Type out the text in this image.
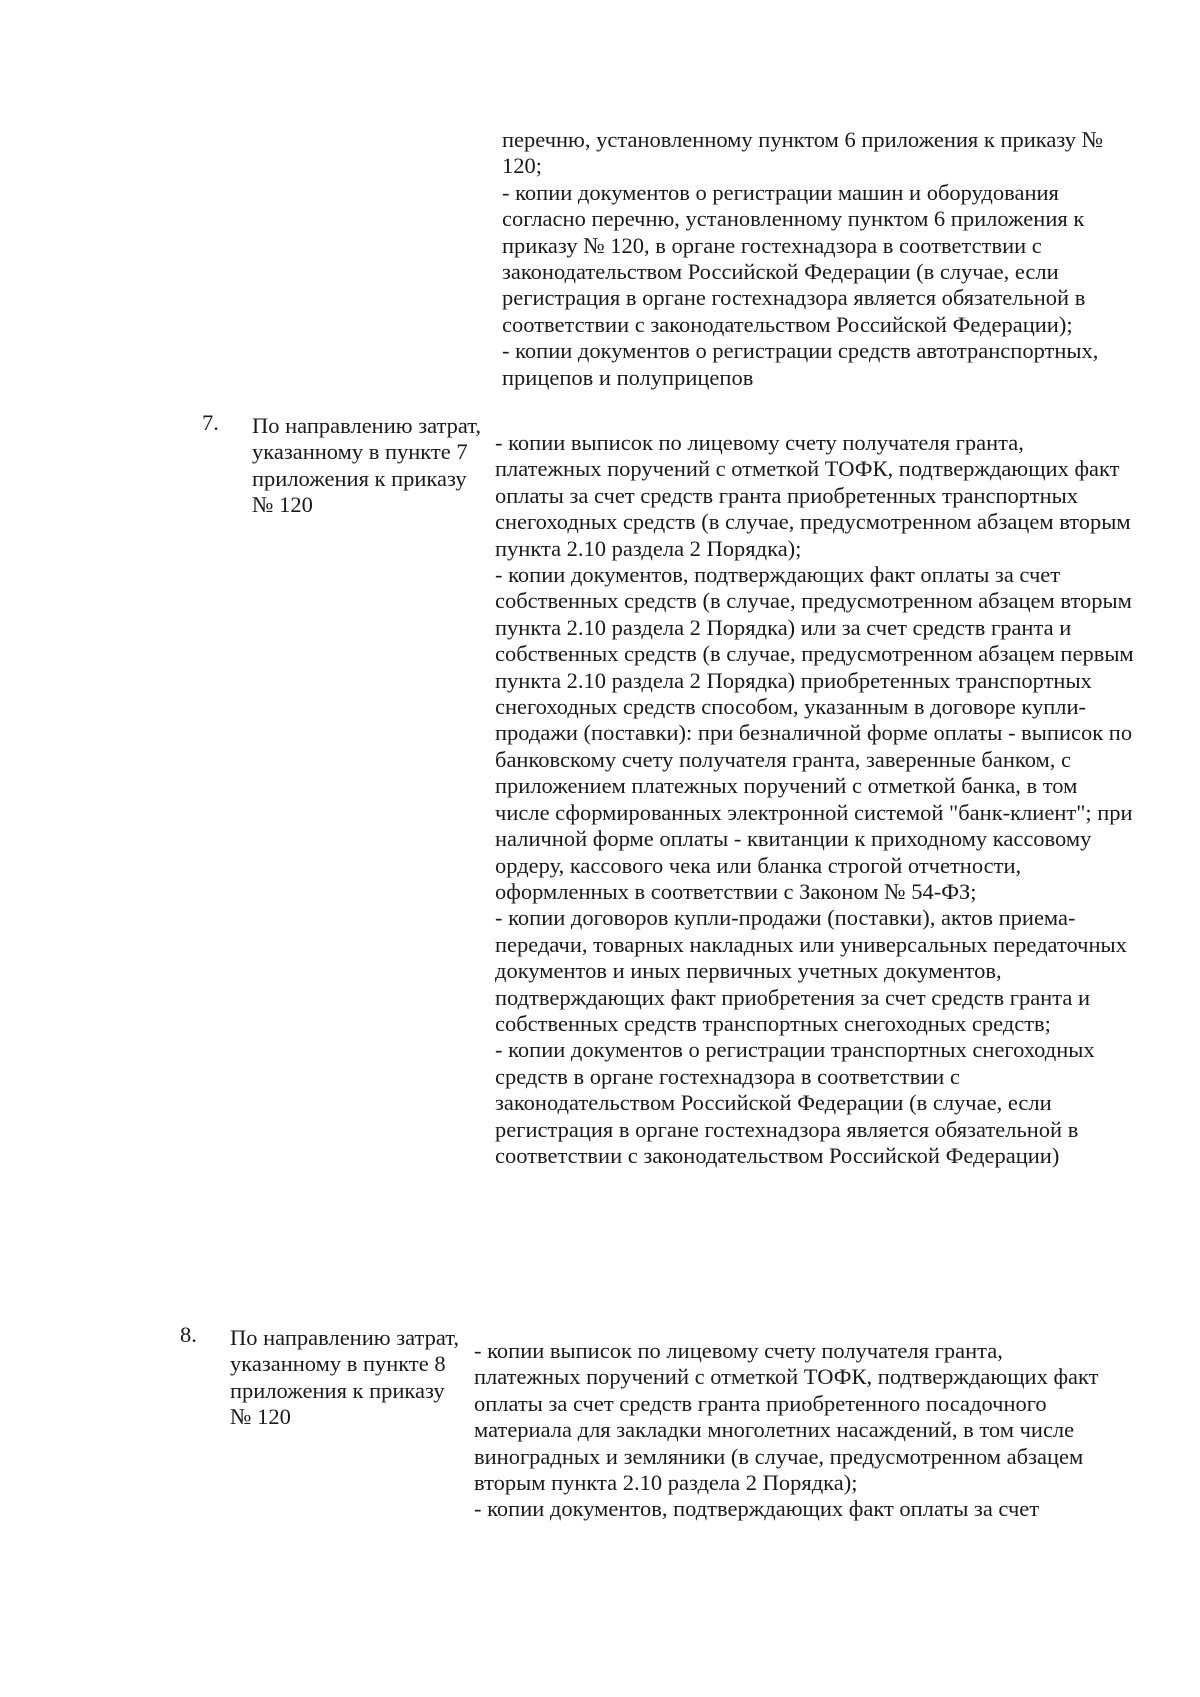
перечню, установленному пунктом 6 приложения к приказу № 120;

- копии документов о регистрации машин и оборудования согласно перечню, установленному пунктом 6 приложения к приказу № 120, в органе гостехнадзора в соответствии с законодательством Российской Федерации (в случае, если регистрация в органе гостехнадзора является обязательной в соответствии с законодательством Российской Федерации);

- копии документов о регистрации средств автотранспортных, прицепов и полуприцепов

7. По направлению затрат, указанному в пункте 7 приложения к приказу № 120

- копии выписок по лицевому счету получателя гранта, платежных поручений с отметкой ТОФК, подтверждающих факт оплаты за счет средств гранта приобретенных транспортных снегоходных средств (в случае, предусмотренном абзацем вторым пункта 2.10 раздела 2 Порядка);

- копии документов, подтверждающих факт оплаты за счет собственных средств (в случае, предусмотренном абзацем вторым пункта 2.10 раздела 2 Порядка) или за счет средств гранта и собственных средств (в случае, предусмотренном абзацем первым пункта 2.10 раздела 2 Порядка) приобретенных транспортных снегоходных средств способом, указанным в договоре купли-продажи (поставки): при безналичной форме оплаты - выписок по банковскому счету получателя гранта, заверенные банком, с приложением платежных поручений с отметкой банка, в том числе сформированных электронной системой "банк-клиент"; при наличной форме оплаты - квитанции к приходному кассовому ордеру, кассового чека или бланка строгой отчетности, оформленных в соответствии с Законом № 54-ФЗ;

- копии договоров купли-продажи (поставки), актов приема-передачи, товарных накладных или универсальных передаточных документов и иных первичных учетных документов, подтверждающих факт приобретения за счет средств гранта и собственных средств транспортных снегоходных средств;

- копии документов о регистрации транспортных снегоходных средств в органе гостехнадзора в соответствии с законодательством Российской Федерации (в случае, если регистрация в органе гостехнадзора является обязательной в соответствии с законодательством Российской Федерации)

8. По направлению затрат, указанному в пункте 8 приложения к приказу № 120

- копии выписок по лицевому счету получателя гранта, платежных поручений с отметкой ТОФК, подтверждающих факт оплаты за счет средств гранта приобретенного посадочного материала для закладки многолетних насаждений, в том числе виноградных и земляники (в случае, предусмотренном абзацем вторым пункта 2.10 раздела 2 Порядка);

- копии документов, подтверждающих факт оплаты за счет
